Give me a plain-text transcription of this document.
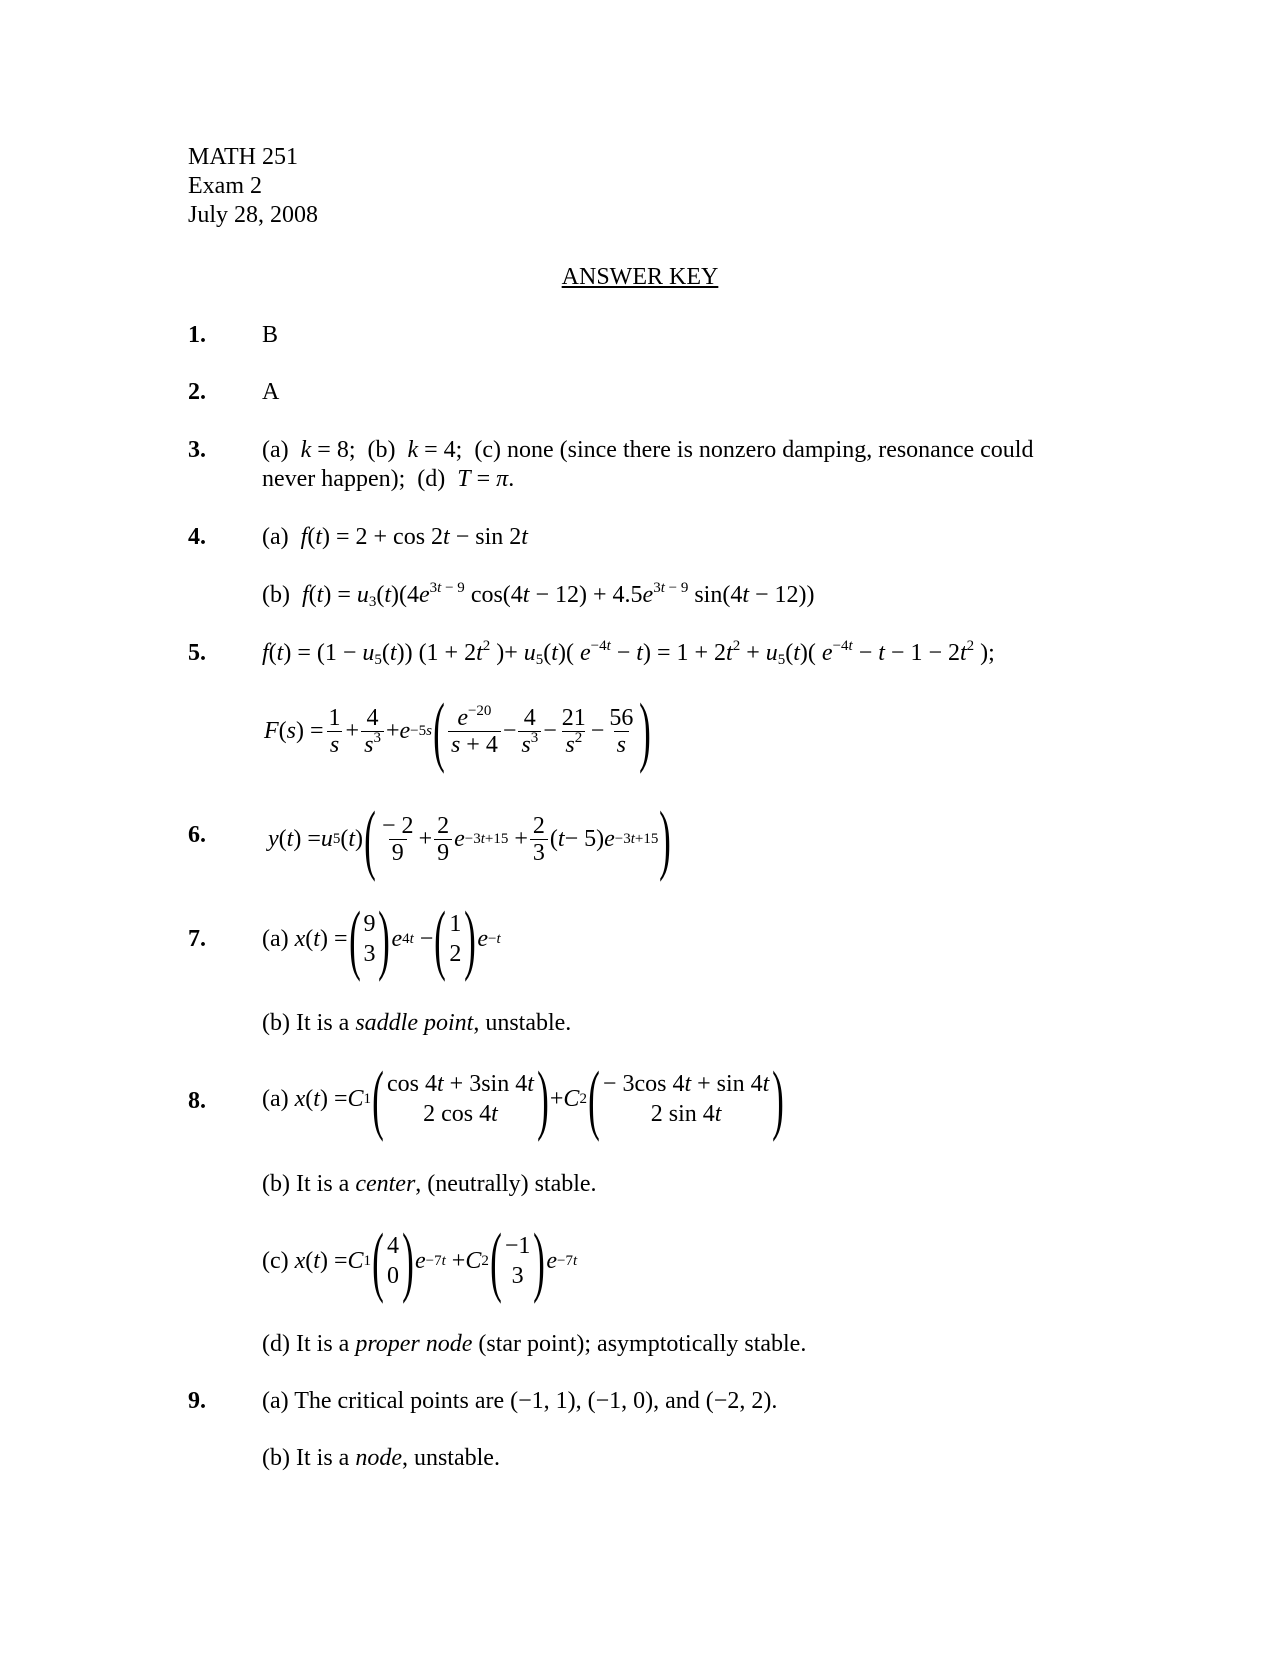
MATH 251
Exam 2
July 28, 2008
ANSWER KEY
1. B
2. A
3. (a)  k = 8;  (b)  k = 4;  (c) none (since there is nonzero damping, resonance could
never happen);  (d)  T = π.
4. (a)  f(t) = 2 + cos 2t − sin 2t
(b)  $f(t) = u_3(t)(4e^{3t - 9}$ $\cos(4t - 12) + 4.5e^{3t - 9}$ sin(4t − 12))
5. $f(t) = (1 - u_5(t))$ ($1 + 2t^2$ )+ $u_5(t)$( $e^{-4t} - t) = 1 + 2t^2 + u_5(t)$( $e^{-4t} - t - 1 - 2t^2$ );
F ( s ) = $\frac{1}{s} + \frac{4}{s^3} + e -5s$ ( $\frac{e^{-20}}{s + 4} - \frac{4}{s^3} - \frac{21}{s^2} - \frac{56}{s}$ )
6.	y ( t ) = u 5 ( t ) ( $\frac{- 2}{9} + \frac{2}{9}$ $e -3t+15 + \frac{2}{3}$ ( t − 5) e −3t+15 )
7. (a) x ( t ) = ( 9
3 ) e 4t − ( 1
2 ) e −t
(b) It is a saddle point, unstable.
8. (a) x ( t ) = C 1 ( cos 4t + 3sin 4t
2 cos 4t ) + C 2 ( − 3cos 4t + sin 4t
2 sin 4t )
(b) It is a center, (neutrally) stable.
(c) x ( t ) = C 1 ( 4
0 ) e −7t + C 2 ( −1
3 ) e −7t
(d) It is a proper node (star point); asymptotically stable.
9. (a) The critical points are (−1, 1), (−1, 0), and (−2, 2).
(b) It is a node, unstable.
